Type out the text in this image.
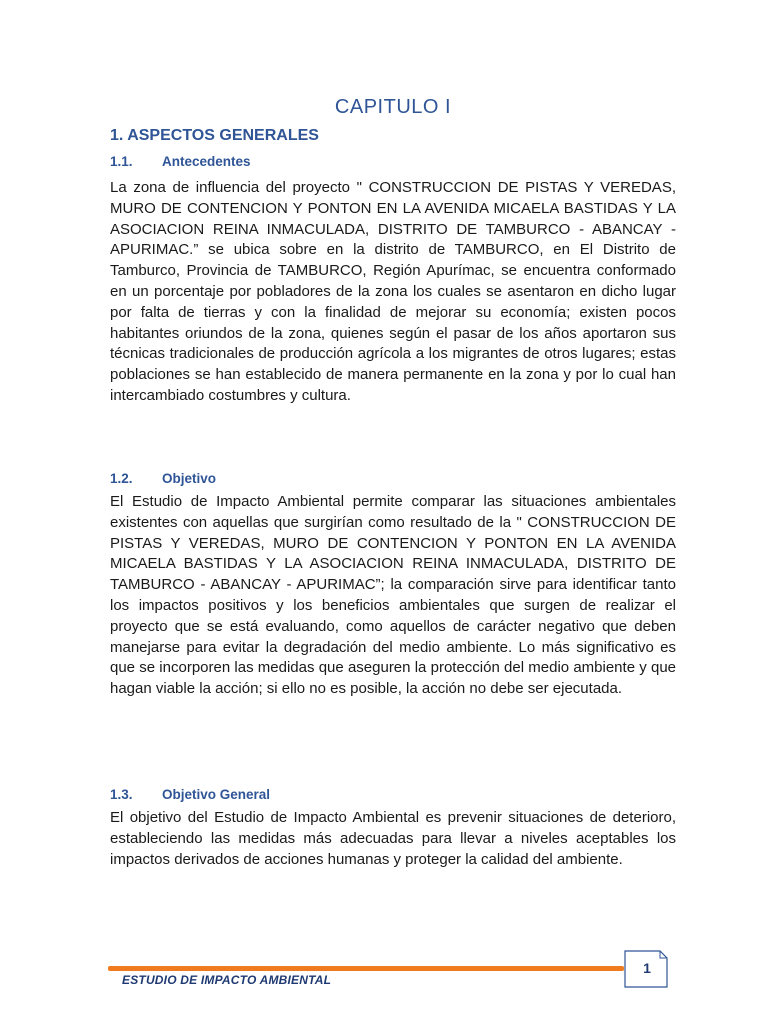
CAPITULO I
1. ASPECTOS GENERALES
1.1. Antecedentes
La zona de influencia del proyecto " CONSTRUCCION DE PISTAS Y VEREDAS, MURO DE CONTENCION Y PONTON EN LA AVENIDA MICAELA BASTIDAS Y LA ASOCIACION REINA INMACULADA, DISTRITO DE TAMBURCO - ABANCAY - APURIMAC.” se ubica sobre en la distrito de TAMBURCO, en El Distrito de Tamburco, Provincia de TAMBURCO, Región Apurímac, se encuentra conformado en un porcentaje por pobladores de la zona los cuales se asentaron en dicho lugar por falta de tierras y con la finalidad de mejorar su economía; existen pocos habitantes oriundos de la zona, quienes según el pasar de los años aportaron sus técnicas tradicionales de producción agrícola a los migrantes de otros lugares; estas poblaciones se han establecido de manera permanente en la zona y por lo cual han intercambiado costumbres y cultura.
1.2. Objetivo
El Estudio de Impacto Ambiental permite comparar las situaciones ambientales existentes con aquellas que surgirían como resultado de la " CONSTRUCCION DE PISTAS Y VEREDAS, MURO DE CONTENCION Y PONTON EN LA AVENIDA MICAELA BASTIDAS Y LA ASOCIACION REINA INMACULADA, DISTRITO DE TAMBURCO - ABANCAY - APURIMAC”; la comparación sirve para identificar tanto los impactos positivos y los beneficios ambientales que surgen de realizar el proyecto que se está evaluando, como aquellos de carácter negativo que deben manejarse para evitar la degradación del medio ambiente. Lo más significativo es que se incorporen las medidas que aseguren la protección del medio ambiente y que hagan viable la acción; si ello no es posible, la acción no debe ser ejecutada.
1.3. Objetivo General
El objetivo del Estudio de Impacto Ambiental es prevenir situaciones de deterioro, estableciendo las medidas más adecuadas para llevar a niveles aceptables los impactos derivados de acciones humanas y proteger la calidad del ambiente.
ESTUDIO DE IMPACTO AMBIENTAL
1
